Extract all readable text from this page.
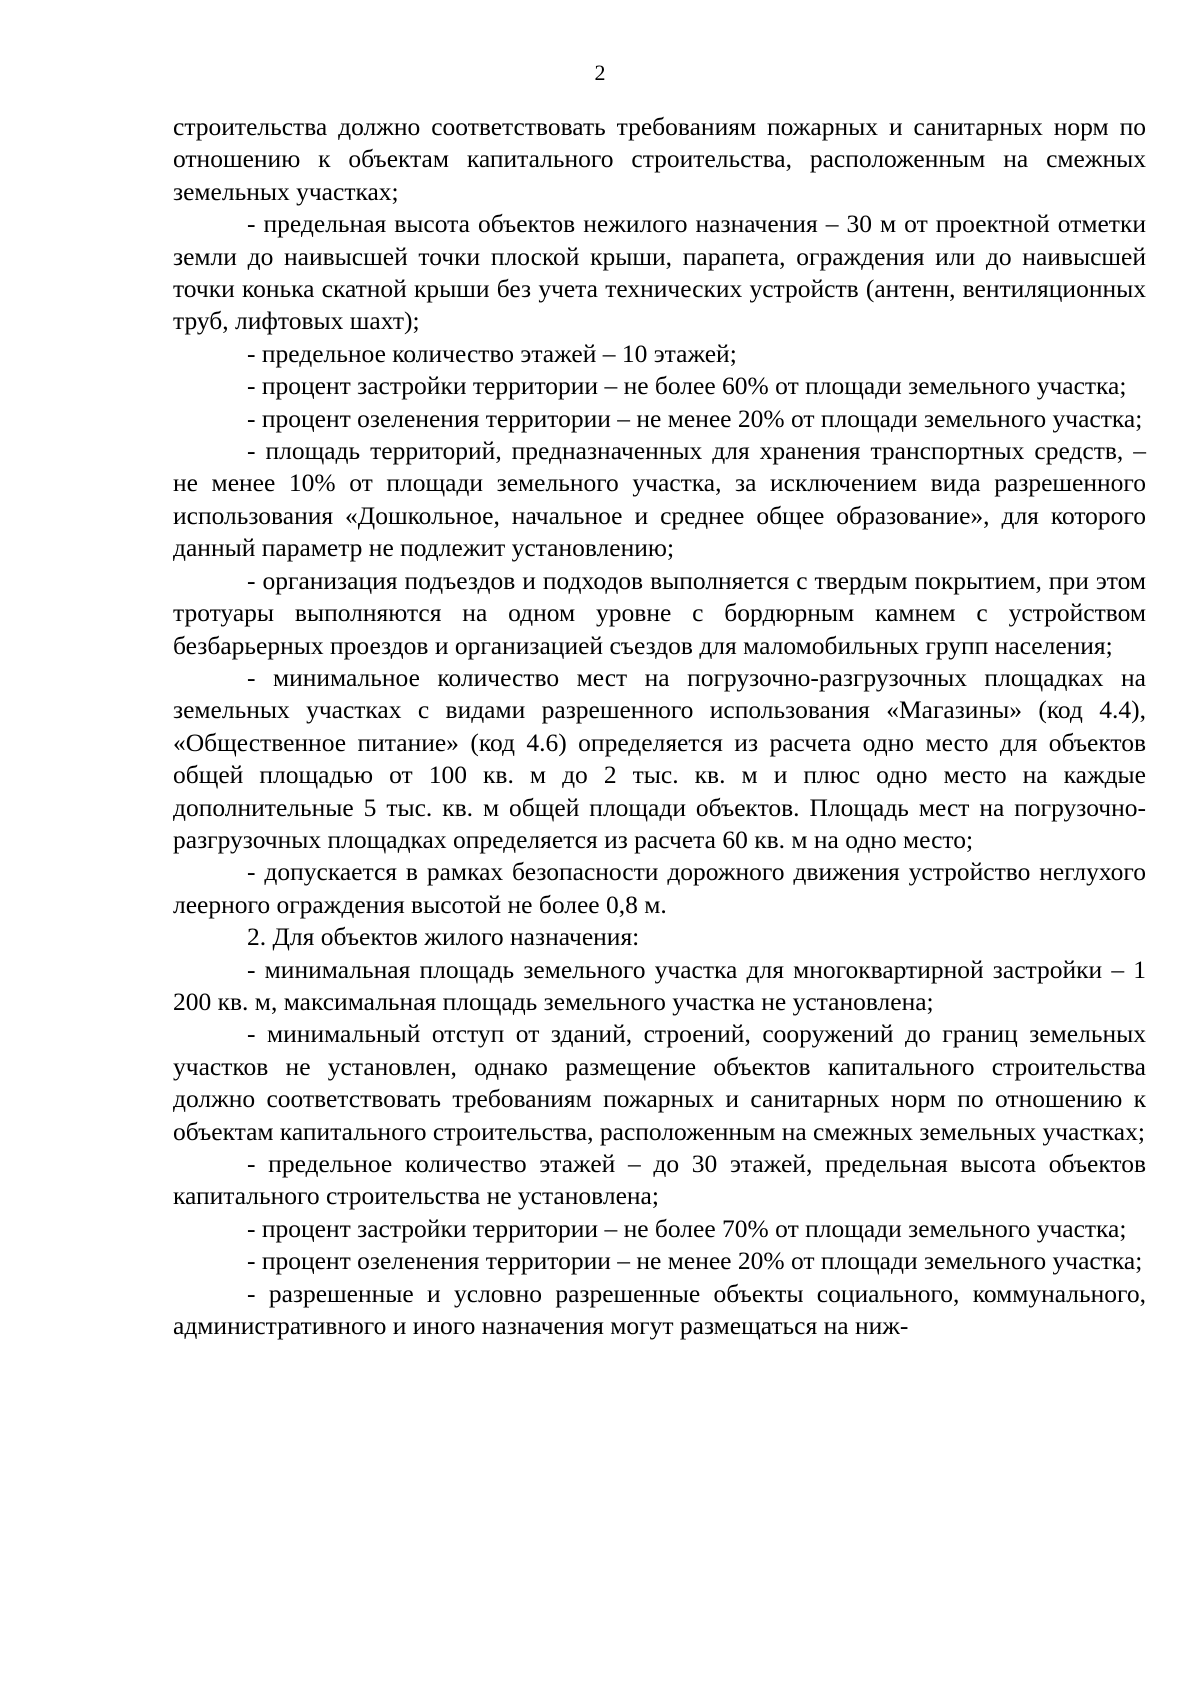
2

строительства должно соответствовать требованиям пожарных и санитарных норм по отношению к объектам капитального строительства, расположенным на смежных земельных участках;

- предельная высота объектов нежилого назначения – 30 м от проектной отметки земли до наивысшей точки плоской крыши, парапета, ограждения или до наивысшей точки конька скатной крыши без учета технических устройств (антенн, вентиляционных труб, лифтовых шахт);

- предельное количество этажей – 10 этажей;

- процент застройки территории – не более 60% от площади земельного участка;

- процент озеленения территории – не менее 20% от площади земельного участка;

- площадь территорий, предназначенных для хранения транспортных средств, – не менее 10% от площади земельного участка, за исключением вида разрешенного использования «Дошкольное, начальное и среднее общее образование», для которого данный параметр не подлежит установлению;

- организация подъездов и подходов выполняется с твердым покрытием, при этом тротуары выполняются на одном уровне с бордюрным камнем с устройством безбарьерных проездов и организацией съездов для маломобильных групп населения;

- минимальное количество мест на погрузочно-разгрузочных площадках на земельных участках с видами разрешенного использования «Магазины» (код 4.4), «Общественное питание» (код 4.6) определяется из расчета одно место для объектов общей площадью от 100 кв. м до 2 тыс. кв. м и плюс одно место на каждые дополнительные 5 тыс. кв. м общей площади объектов. Площадь мест на погрузочно-разгрузочных площадках определяется из расчета 60 кв. м на одно место;

- допускается в рамках безопасности дорожного движения устройство неглухого леерного ограждения высотой не более 0,8 м.

2. Для объектов жилого назначения:

- минимальная площадь земельного участка для многоквартирной застройки – 1 200 кв. м, максимальная площадь земельного участка не установлена;

- минимальный отступ от зданий, строений, сооружений до границ земельных участков не установлен, однако размещение объектов капитального строительства должно соответствовать требованиям пожарных и санитарных норм по отношению к объектам капитального строительства, расположенным на смежных земельных участках;

- предельное количество этажей – до 30 этажей, предельная высота объектов капитального строительства не установлена;

- процент застройки территории – не более 70% от площади земельного участка;

- процент озеленения территории – не менее 20% от площади земельного участка;

- разрешенные и условно разрешенные объекты социального, коммунального, административного и иного назначения могут размещаться на ниж-
